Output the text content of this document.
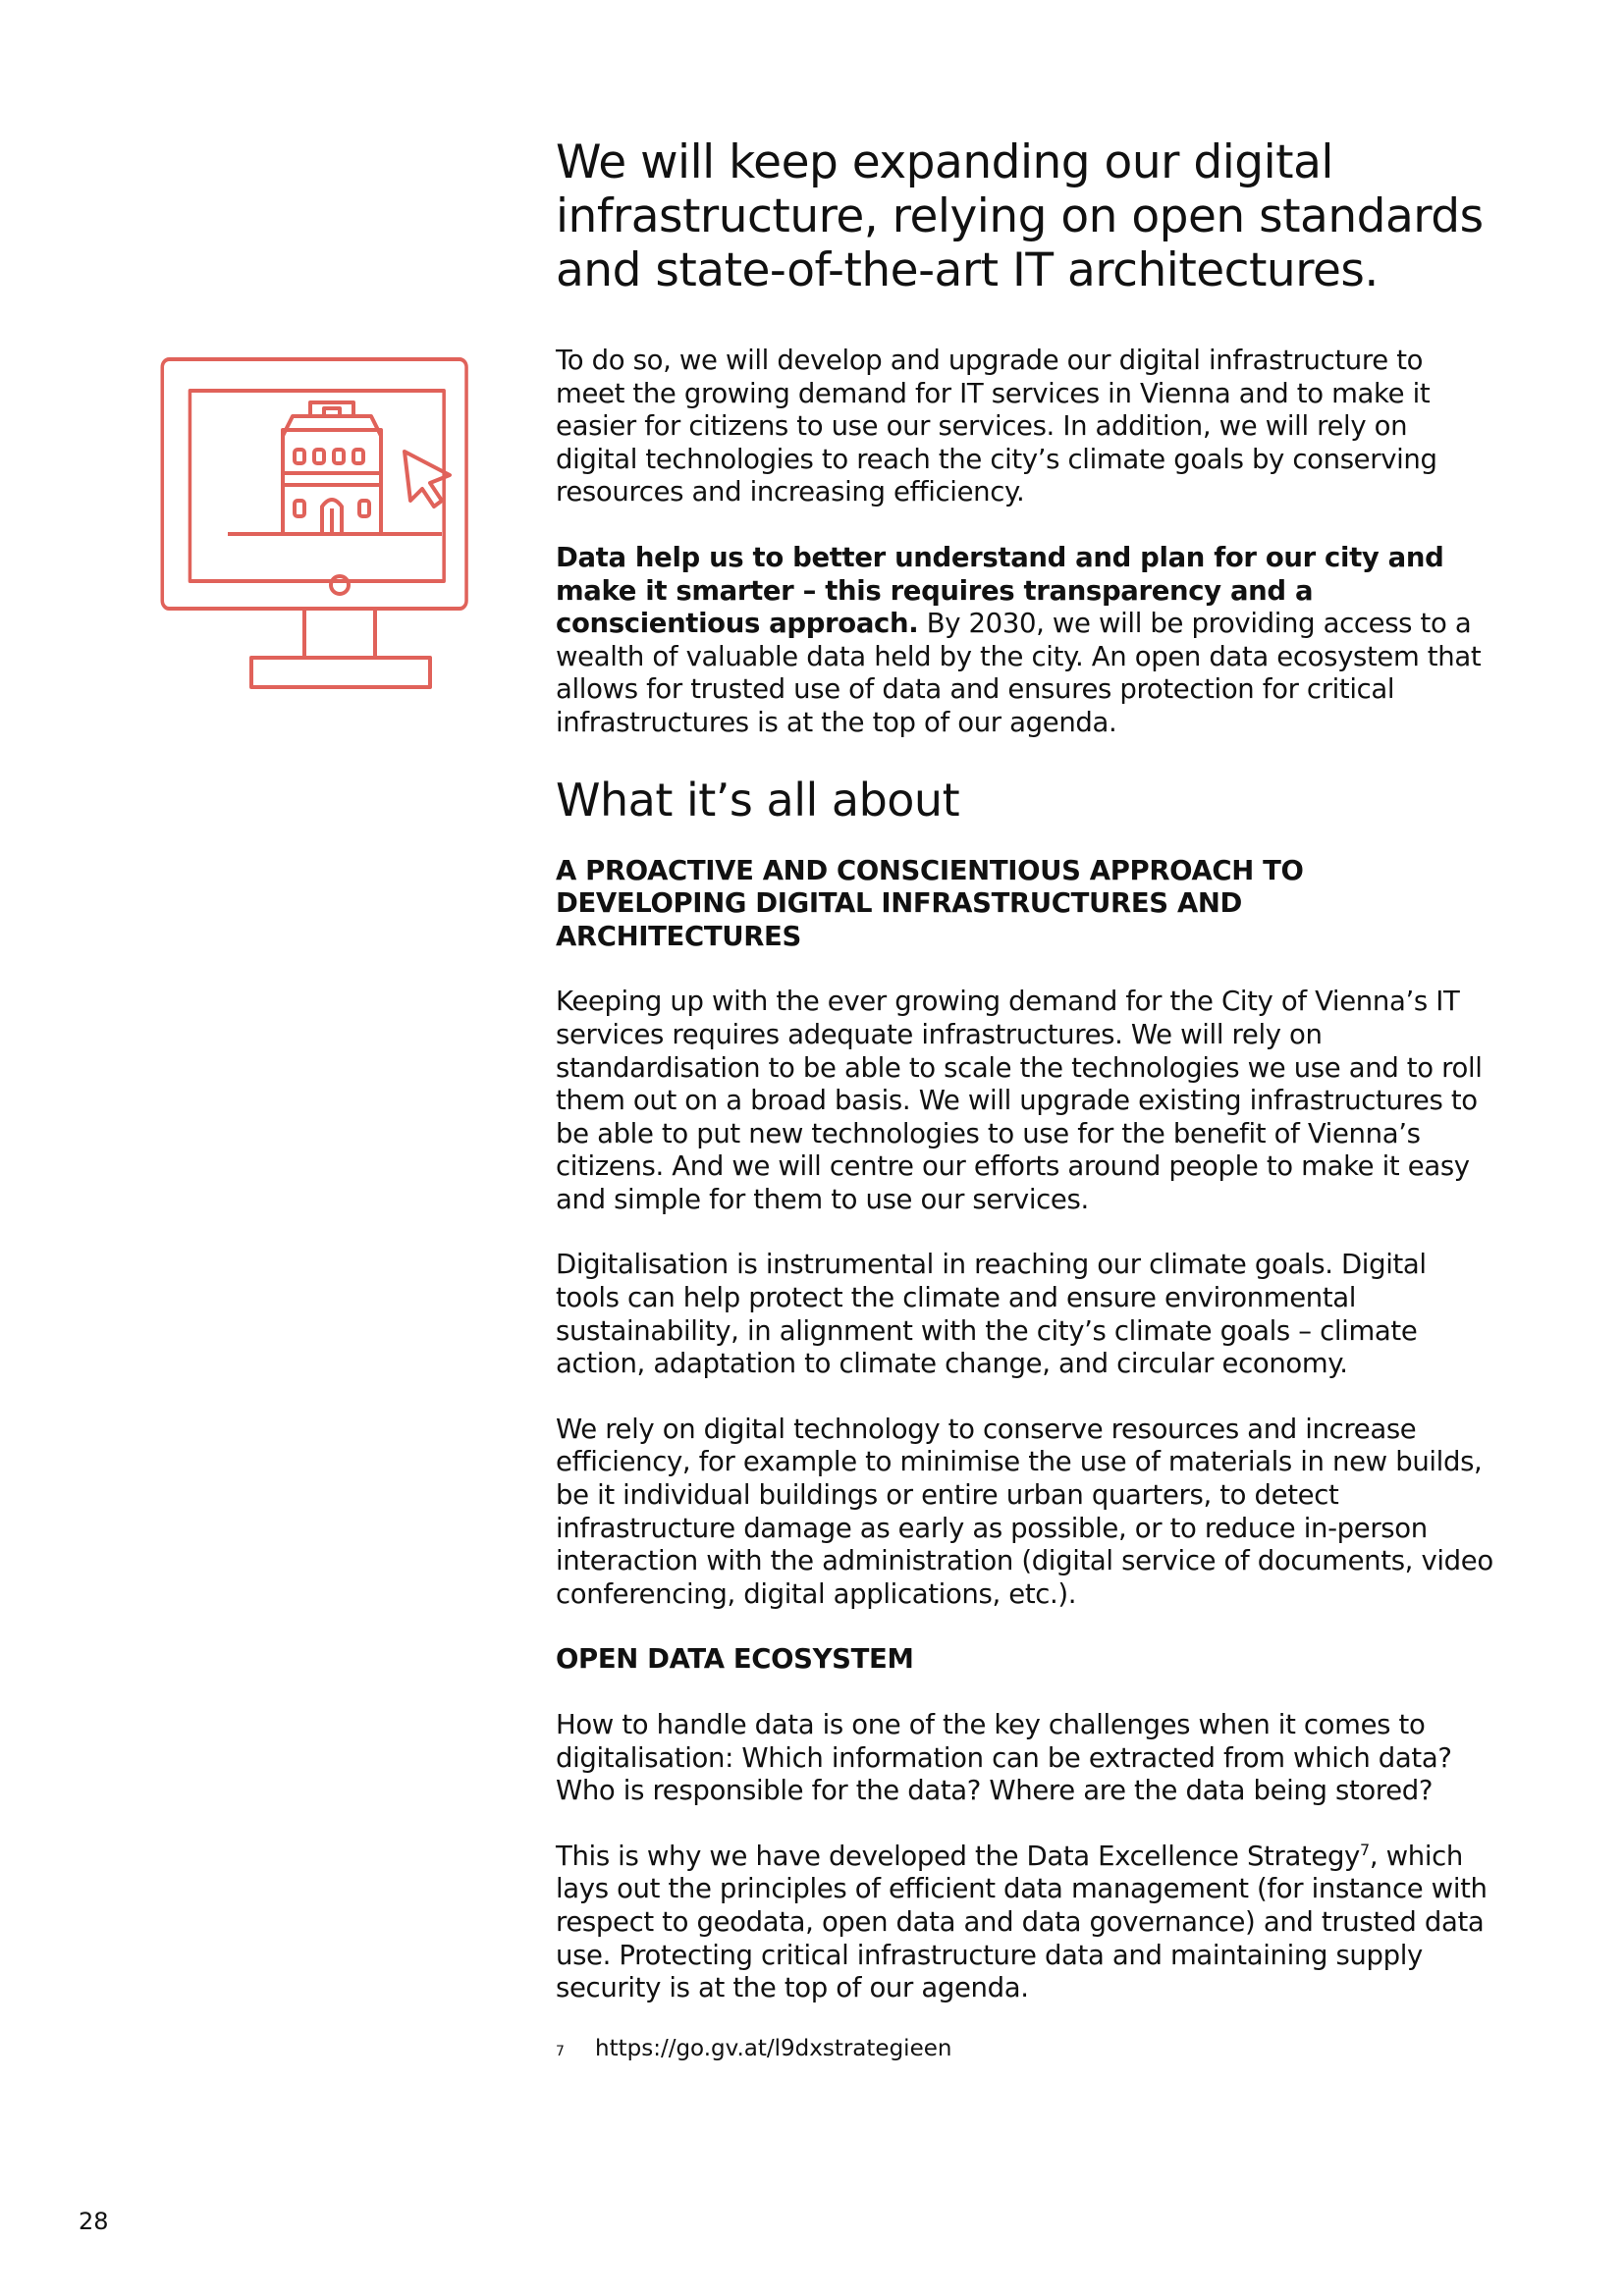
We will keep expanding our digital infrastructure, relying on open standards and state-of-the-art IT architectures.

To do so, we will develop and upgrade our digital infrastructure to meet the growing demand for IT services in Vienna and to make it easier for citizens to use our services. In addition, we will rely on digital technologies to reach the city’s climate goals by conserving resources and increasing efficiency.

Data help us to better understand and plan for our city and make it smarter – this requires transparency and a conscientious approach. By 2030, we will be providing access to a wealth of valuable data held by the city. An open data ecosystem that allows for trusted use of data and ensures protection for critical infrastructures is at the top of our agenda.

What it’s all about
A PROACTIVE AND CONSCIENTIOUS APPROACH TO DEVELOPING DIGITAL INFRASTRUCTURES AND ARCHITECTURES

Keeping up with the ever growing demand for the City of Vienna’s IT services requires adequate infrastructures. We will rely on standardisation to be able to scale the technologies we use and to roll them out on a broad basis. We will upgrade existing infrastructures to be able to put new technologies to use for the benefit of Vienna’s citizens. And we will centre our efforts around people to make it easy and simple for them to use our services.

Digitalisation is instrumental in reaching our climate goals. Digital tools can help protect the climate and ensure environmental sustainability, in alignment with the city’s climate goals – climate action, adaptation to climate change, and circular economy.

We rely on digital technology to conserve resources and increase efficiency, for example to minimise the use of materials in new builds, be it individual buildings or entire urban quarters, to detect infrastructure damage as early as possible, or to reduce in-person interaction with the administration (digital service of documents, video conferencing, digital applications, etc.).

OPEN DATA ECOSYSTEM

How to handle data is one of the key challenges when it comes to digitalisation: Which information can be extracted from which data? Who is responsible for the data? Where are the data being stored?

This is why we have developed the Data Excellence Strategy$^7$, which lays out the principles of efficient data management (for instance with respect to geodata, open data and data governance) and trusted data use. Protecting critical infrastructure data and maintaining supply security is at the top of our agenda.

7	https://go.gv.at/l9dxstrategieen
28
